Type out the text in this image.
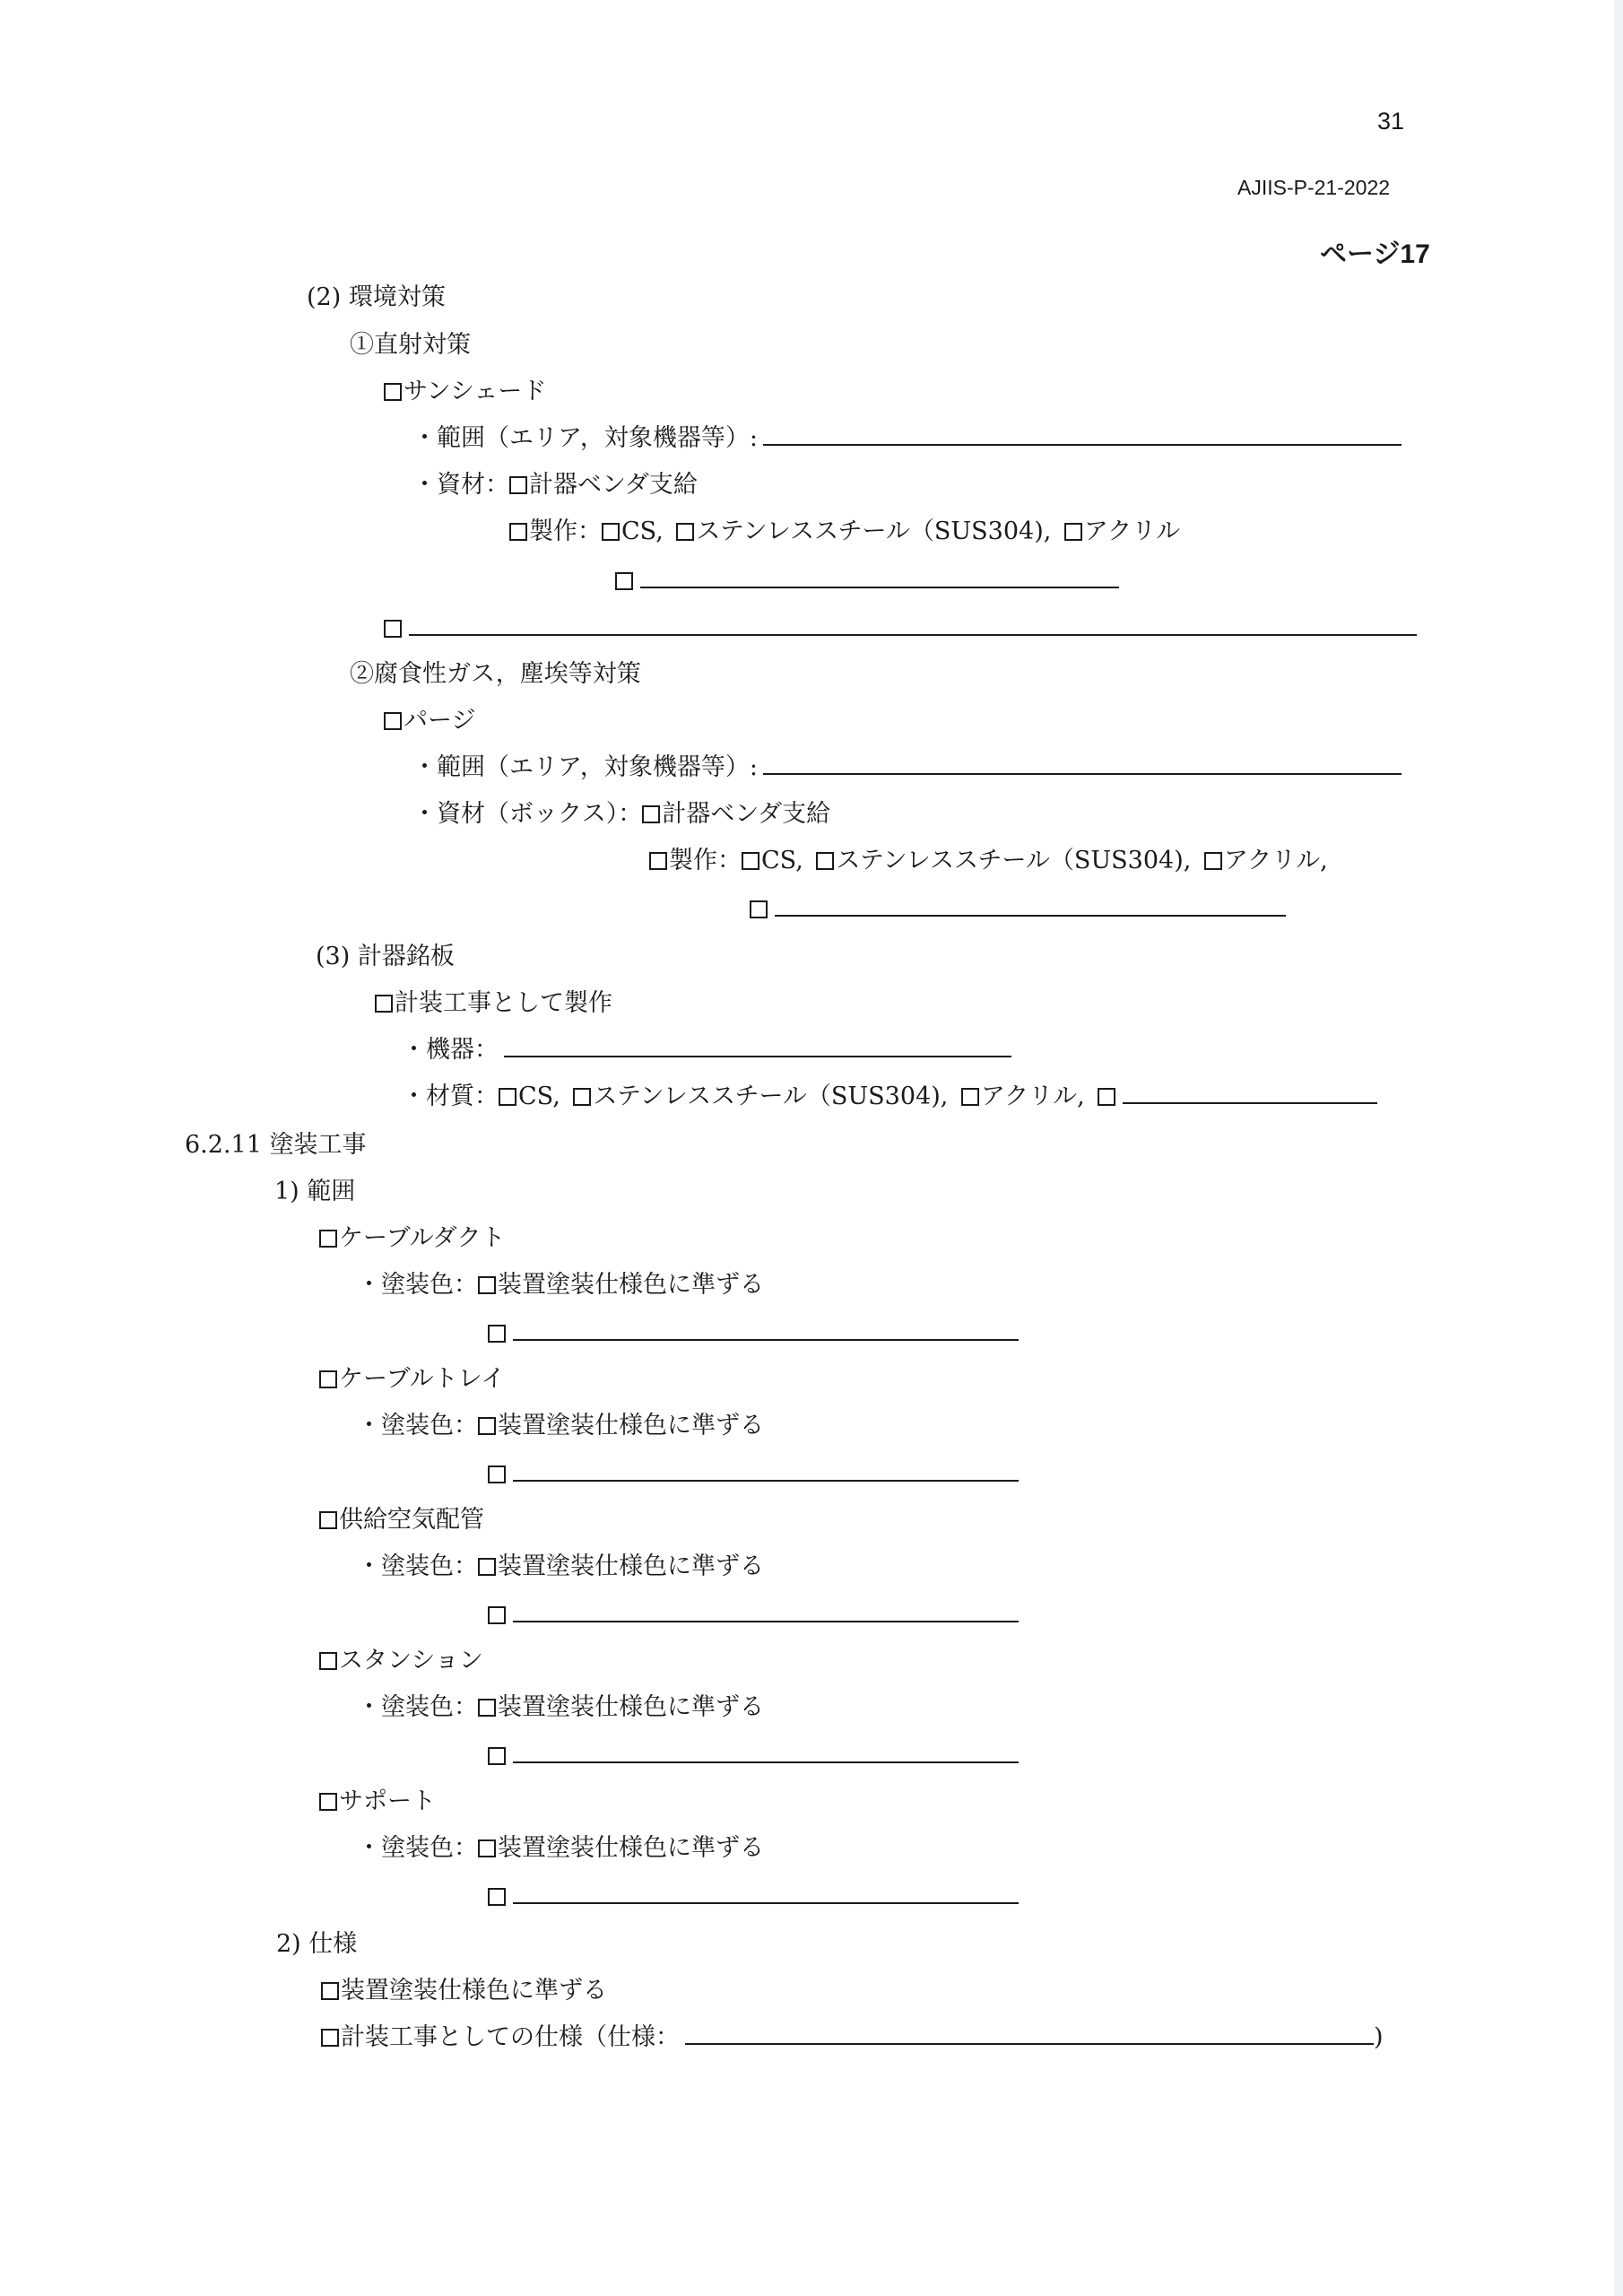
31
AJIIS-P-21-2022
ページ17
(2) 環境対策
①直射対策
サンシェード
・範囲（エリア，対象機器等）:
・資材： 計器ベンダ支給
製作： CS, ステンレススチール（SUS304), アクリル
②腐食性ガス，塵埃等対策
パージ
・範囲（エリア，対象機器等）:
・資材（ボックス）： 計器ベンダ支給
製作： CS, ステンレススチール（SUS304), アクリル,
(3) 計器銘板
計装工事として製作
・機器：
・材質： CS, ステンレススチール（SUS304), アクリル,
6.2.11 塗装工事
1) 範囲
ケーブルダクト
・塗装色： 装置塗装仕様色に準ずる
ケーブルトレイ
・塗装色： 装置塗装仕様色に準ずる
供給空気配管
・塗装色： 装置塗装仕様色に準ずる
スタンション
・塗装色： 装置塗装仕様色に準ずる
サポート
・塗装色： 装置塗装仕様色に準ずる
2) 仕様
装置塗装仕様色に準ずる
計装工事としての仕様（仕様：	)
